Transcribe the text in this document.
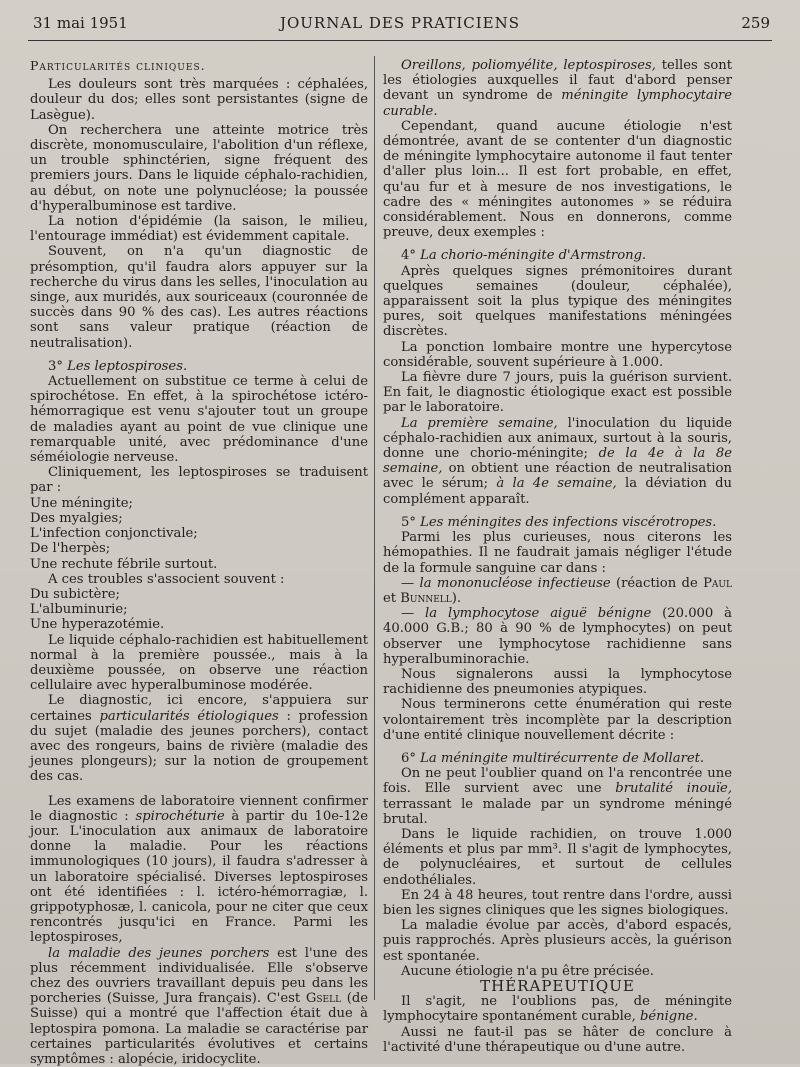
31 mai 1951	JOURNAL DES PRATICIENS	259

Particularités cliniques.

Les douleurs sont très marquées : céphalées, douleur du dos; elles sont persistantes (signe de Lasègue).

On recherchera une atteinte motrice très discrète, monomusculaire, l'abolition d'un réflexe, un trouble sphinctérien, signe fréquent des premiers jours. Dans le liquide céphalo-rachidien, au début, on note une polynucléose; la poussée d'hyperalbuminose est tardive.

La notion d'épidémie (la saison, le milieu, l'entourage immédiat) est évidemment capitale.

Souvent, on n'a qu'un diagnostic de présomption, qu'il faudra alors appuyer sur la recherche du virus dans les selles, l'inoculation au singe, aux muridés, aux souriceaux (couronnée de succès dans 90 % des cas). Les autres réactions sont sans valeur pratique (réaction de neutralisation).

3° Les leptospiroses.

Actuellement on substitue ce terme à celui de spirochétose. En effet, à la spirochétose ictéro-hémorragique est venu s'ajouter tout un groupe de maladies ayant au point de vue clinique une remarquable unité, avec prédominance d'une séméiologie nerveuse.

Cliniquement, les leptospiroses se traduisent par :

Une méningite;

Des myalgies;

L'infection conjonctivale;

De l'herpès;

Une rechute fébrile surtout.

A ces troubles s'associent souvent :

Du subictère;

L'albuminurie;

Une hyperazotémie.

Le liquide céphalo-rachidien est habituellement normal à la première poussée., mais à la deuxième poussée, on observe une réaction cellulaire avec hyperalbuminose modérée.

Le diagnostic, ici encore, s'appuiera sur certaines particularités étiologiques : profession du sujet (maladie des jeunes porchers), contact avec des rongeurs, bains de rivière (maladie des jeunes plongeurs); sur la notion de groupement des cas.

Les examens de laboratoire viennent confirmer le diagnostic : spirochéturie à partir du 10e-12e jour. L'inoculation aux animaux de laboratoire donne la maladie. Pour les réactions immunologiques (10 jours), il faudra s'adresser à un laboratoire spécialisé. Diverses leptospiroses ont été identifiées : l. ictéro-hémorragiæ, l. grippotyphosæ, l. canicola, pour ne citer que ceux rencontrés jusqu'ici en France. Parmi les leptospiroses,

la maladie des jeunes porchers est l'une des plus récemment individualisée. Elle s'observe chez des ouvriers travaillant depuis peu dans les porcheries (Suisse, Jura français). C'est Gsell (de Suisse) qui a montré que l'affection était due à leptospira pomona. La maladie se caractérise par certaines particularités évolutives et certains symptômes : alopécie, iridocyclite.

Oreillons, poliomyélite, leptospiroses, telles sont les étiologies auxquelles il faut d'abord penser devant un syndrome de méningite lymphocytaire curable.

Cependant, quand aucune étiologie n'est démontrée, avant de se contenter d'un diagnostic de méningite lymphocytaire autonome il faut tenter d'aller plus loin... Il est fort probable, en effet, qu'au fur et à mesure de nos investigations, le cadre des « méningites autonomes » se réduira considérablement. Nous en donnerons, comme preuve, deux exemples :

4° La chorio-méningite d'Armstrong.

Après quelques signes prémonitoires durant quelques semaines (douleur, céphalée), apparaissent soit la plus typique des méningites pures, soit quelques manifestations méningées discrètes.

La ponction lombaire montre une hypercytose considérable, souvent supérieure à 1.000.

La fièvre dure 7 jours, puis la guérison survient. En fait, le diagnostic étiologique exact est possible par le laboratoire.

La première semaine, l'inoculation du liquide céphalo-rachidien aux animaux, surtout à la souris, donne une chorio-méningite; de la 4e à la 8e semaine, on obtient une réaction de neutralisation avec le sérum; à la 4e semaine, la déviation du complément apparaît.

5° Les méningites des infections viscérotropes.

Parmi les plus curieuses, nous citerons les hémopathies. Il ne faudrait jamais négliger l'étude de la formule sanguine car dans :

— la mononucléose infectieuse (réaction de Paul et Bunnell).

— la lymphocytose aiguë bénigne (20.000 à 40.000 G.B.; 80 à 90 % de lymphocytes) on peut observer une lymphocytose rachidienne sans hyperalbuminorachie.

Nous signalerons aussi la lymphocytose rachidienne des pneumonies atypiques.

Nous terminerons cette énumération qui reste volontairement très incomplète par la description d'une entité clinique nouvellement décrite :

6° La méningite multirécurrente de Mollaret.

On ne peut l'oublier quand on l'a rencontrée une fois. Elle survient avec une brutalité inouïe, terrassant le malade par un syndrome méningé brutal.

Dans le liquide rachidien, on trouve 1.000 éléments et plus par mm³. Il s'agit de lymphocytes, de polynucléaires, et surtout de cellules endothéliales.

En 24 à 48 heures, tout rentre dans l'ordre, aussi bien les signes cliniques que les signes biologiques.

La maladie évolue par accès, d'abord espacés, puis rapprochés. Après plusieurs accès, la guérison est spontanée.

Aucune étiologie n'a pu être précisée.

THÉRAPEUTIQUE

Il s'agit, ne l'oublions pas, de méningite lymphocytaire spontanément curable, bénigne.

Aussi ne faut-il pas se hâter de conclure à l'activité d'une thérapeutique ou d'une autre.
